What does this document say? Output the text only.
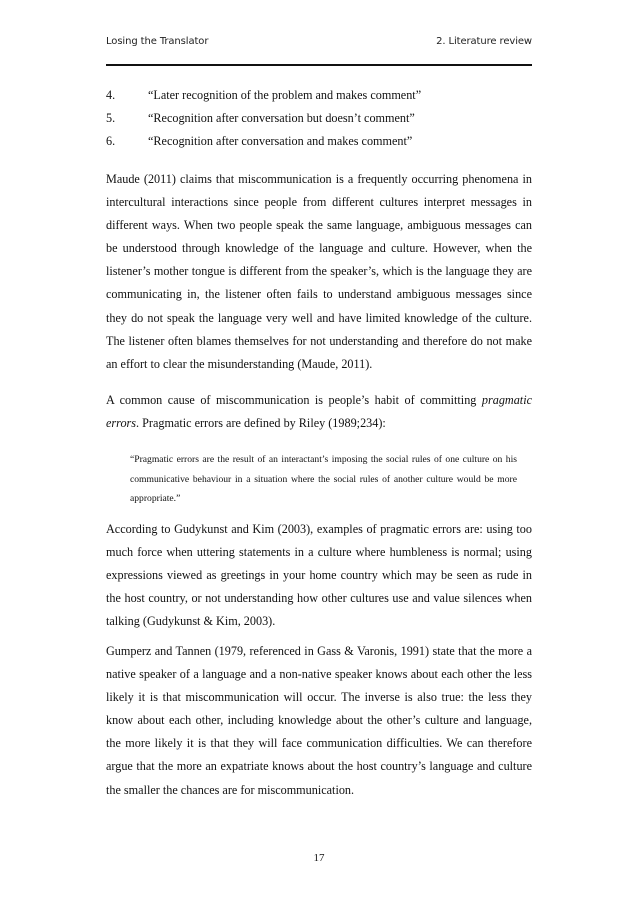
Losing the Translator	2. Literature review
4.	“Later recognition of the problem and makes comment”
5.	“Recognition after conversation but doesn’t comment”
6.	“Recognition after conversation and makes comment”

Maude (2011) claims that miscommunication is a frequently occurring phenomena in intercultural interactions since people from different cultures interpret messages in different ways. When two people speak the same language, ambiguous messages can be understood through knowledge of the language and culture. However, when the listener’s mother tongue is different from the speaker’s, which is the language they are communicating in, the listener often fails to understand ambiguous messages since they do not speak the language very well and have limited knowledge of the culture. The listener often blames themselves for not understanding and therefore do not make an effort to clear the misunderstanding (Maude, 2011).

A common cause of miscommunication is people’s habit of committing pragmatic errors. Pragmatic errors are defined by Riley (1989;234):

“Pragmatic errors are the result of an interactant’s imposing the social rules of one culture on his communicative behaviour in a situation where the social rules of another culture would be more appropriate.”

According to Gudykunst and Kim (2003), examples of pragmatic errors are: using too much force when uttering statements in a culture where humbleness is normal; using expressions viewed as greetings in your home country which may be seen as rude in the host country, or not understanding how other cultures use and value silences when talking (Gudykunst & Kim, 2003).

Gumperz and Tannen (1979, referenced in Gass & Varonis, 1991) state that the more a native speaker of a language and a non-native speaker knows about each other the less likely it is that miscommunication will occur. The inverse is also true: the less they know about each other, including knowledge about the other’s culture and language, the more likely it is that they will face communication difficulties. We can therefore argue that the more an expatriate knows about the host country’s language and culture the smaller the chances are for miscommunication.

17
